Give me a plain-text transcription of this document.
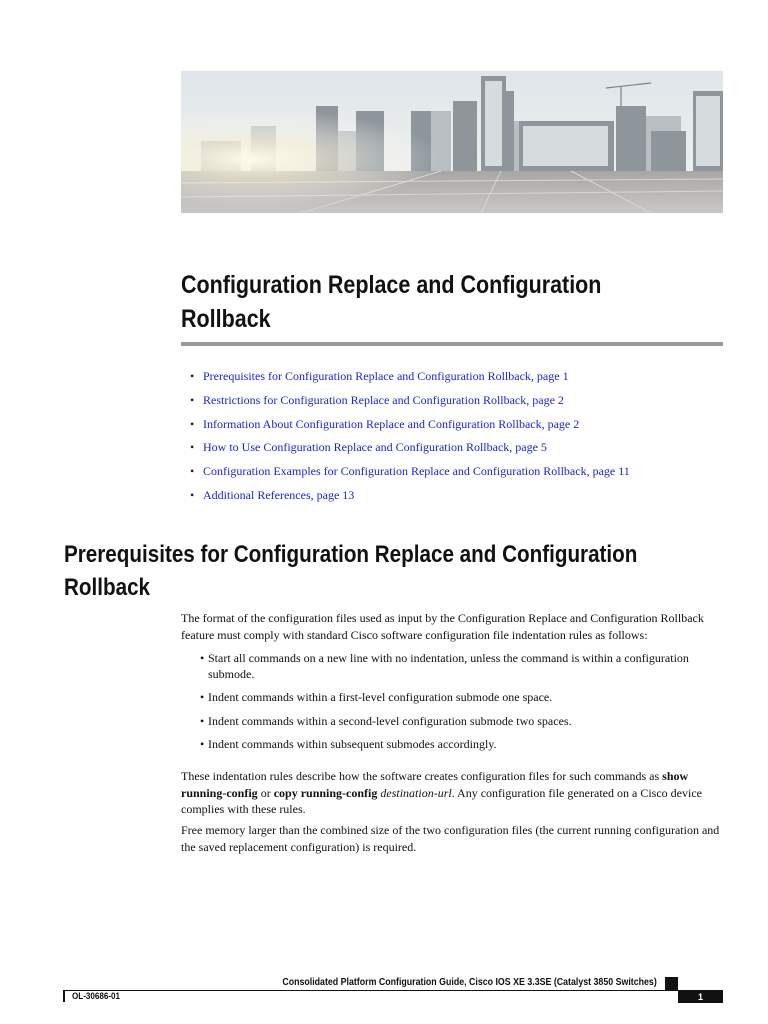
Configuration Replace and Configuration
Rollback
• Prerequisites for Configuration Replace and Configuration Rollback, page 1
• Restrictions for Configuration Replace and Configuration Rollback, page 2
• Information About Configuration Replace and Configuration Rollback, page 2
• How to Use Configuration Replace and Configuration Rollback, page 5
• Configuration Examples for Configuration Replace and Configuration Rollback, page 11
• Additional References, page 13
Prerequisites for Configuration Replace and Configuration
Rollback

The format of the configuration files used as input by the Configuration Replace and Configuration Rollback feature must comply with standard Cisco software configuration file indentation rules as follows:

• Start all commands on a new line with no indentation, unless the command is within a configuration submode.
• Indent commands within a first-level configuration submode one space.
• Indent commands within a second-level configuration submode two spaces.
• Indent commands within subsequent submodes accordingly.

These indentation rules describe how the software creates configuration files for such commands as show running-config or copy running-config destination-url. Any configuration file generated on a Cisco device complies with these rules.

Free memory larger than the combined size of the two configuration files (the current running configuration and the saved replacement configuration) is required.

Consolidated Platform Configuration Guide, Cisco IOS XE 3.3SE (Catalyst 3850 Switches)

OL-30686-01	1
